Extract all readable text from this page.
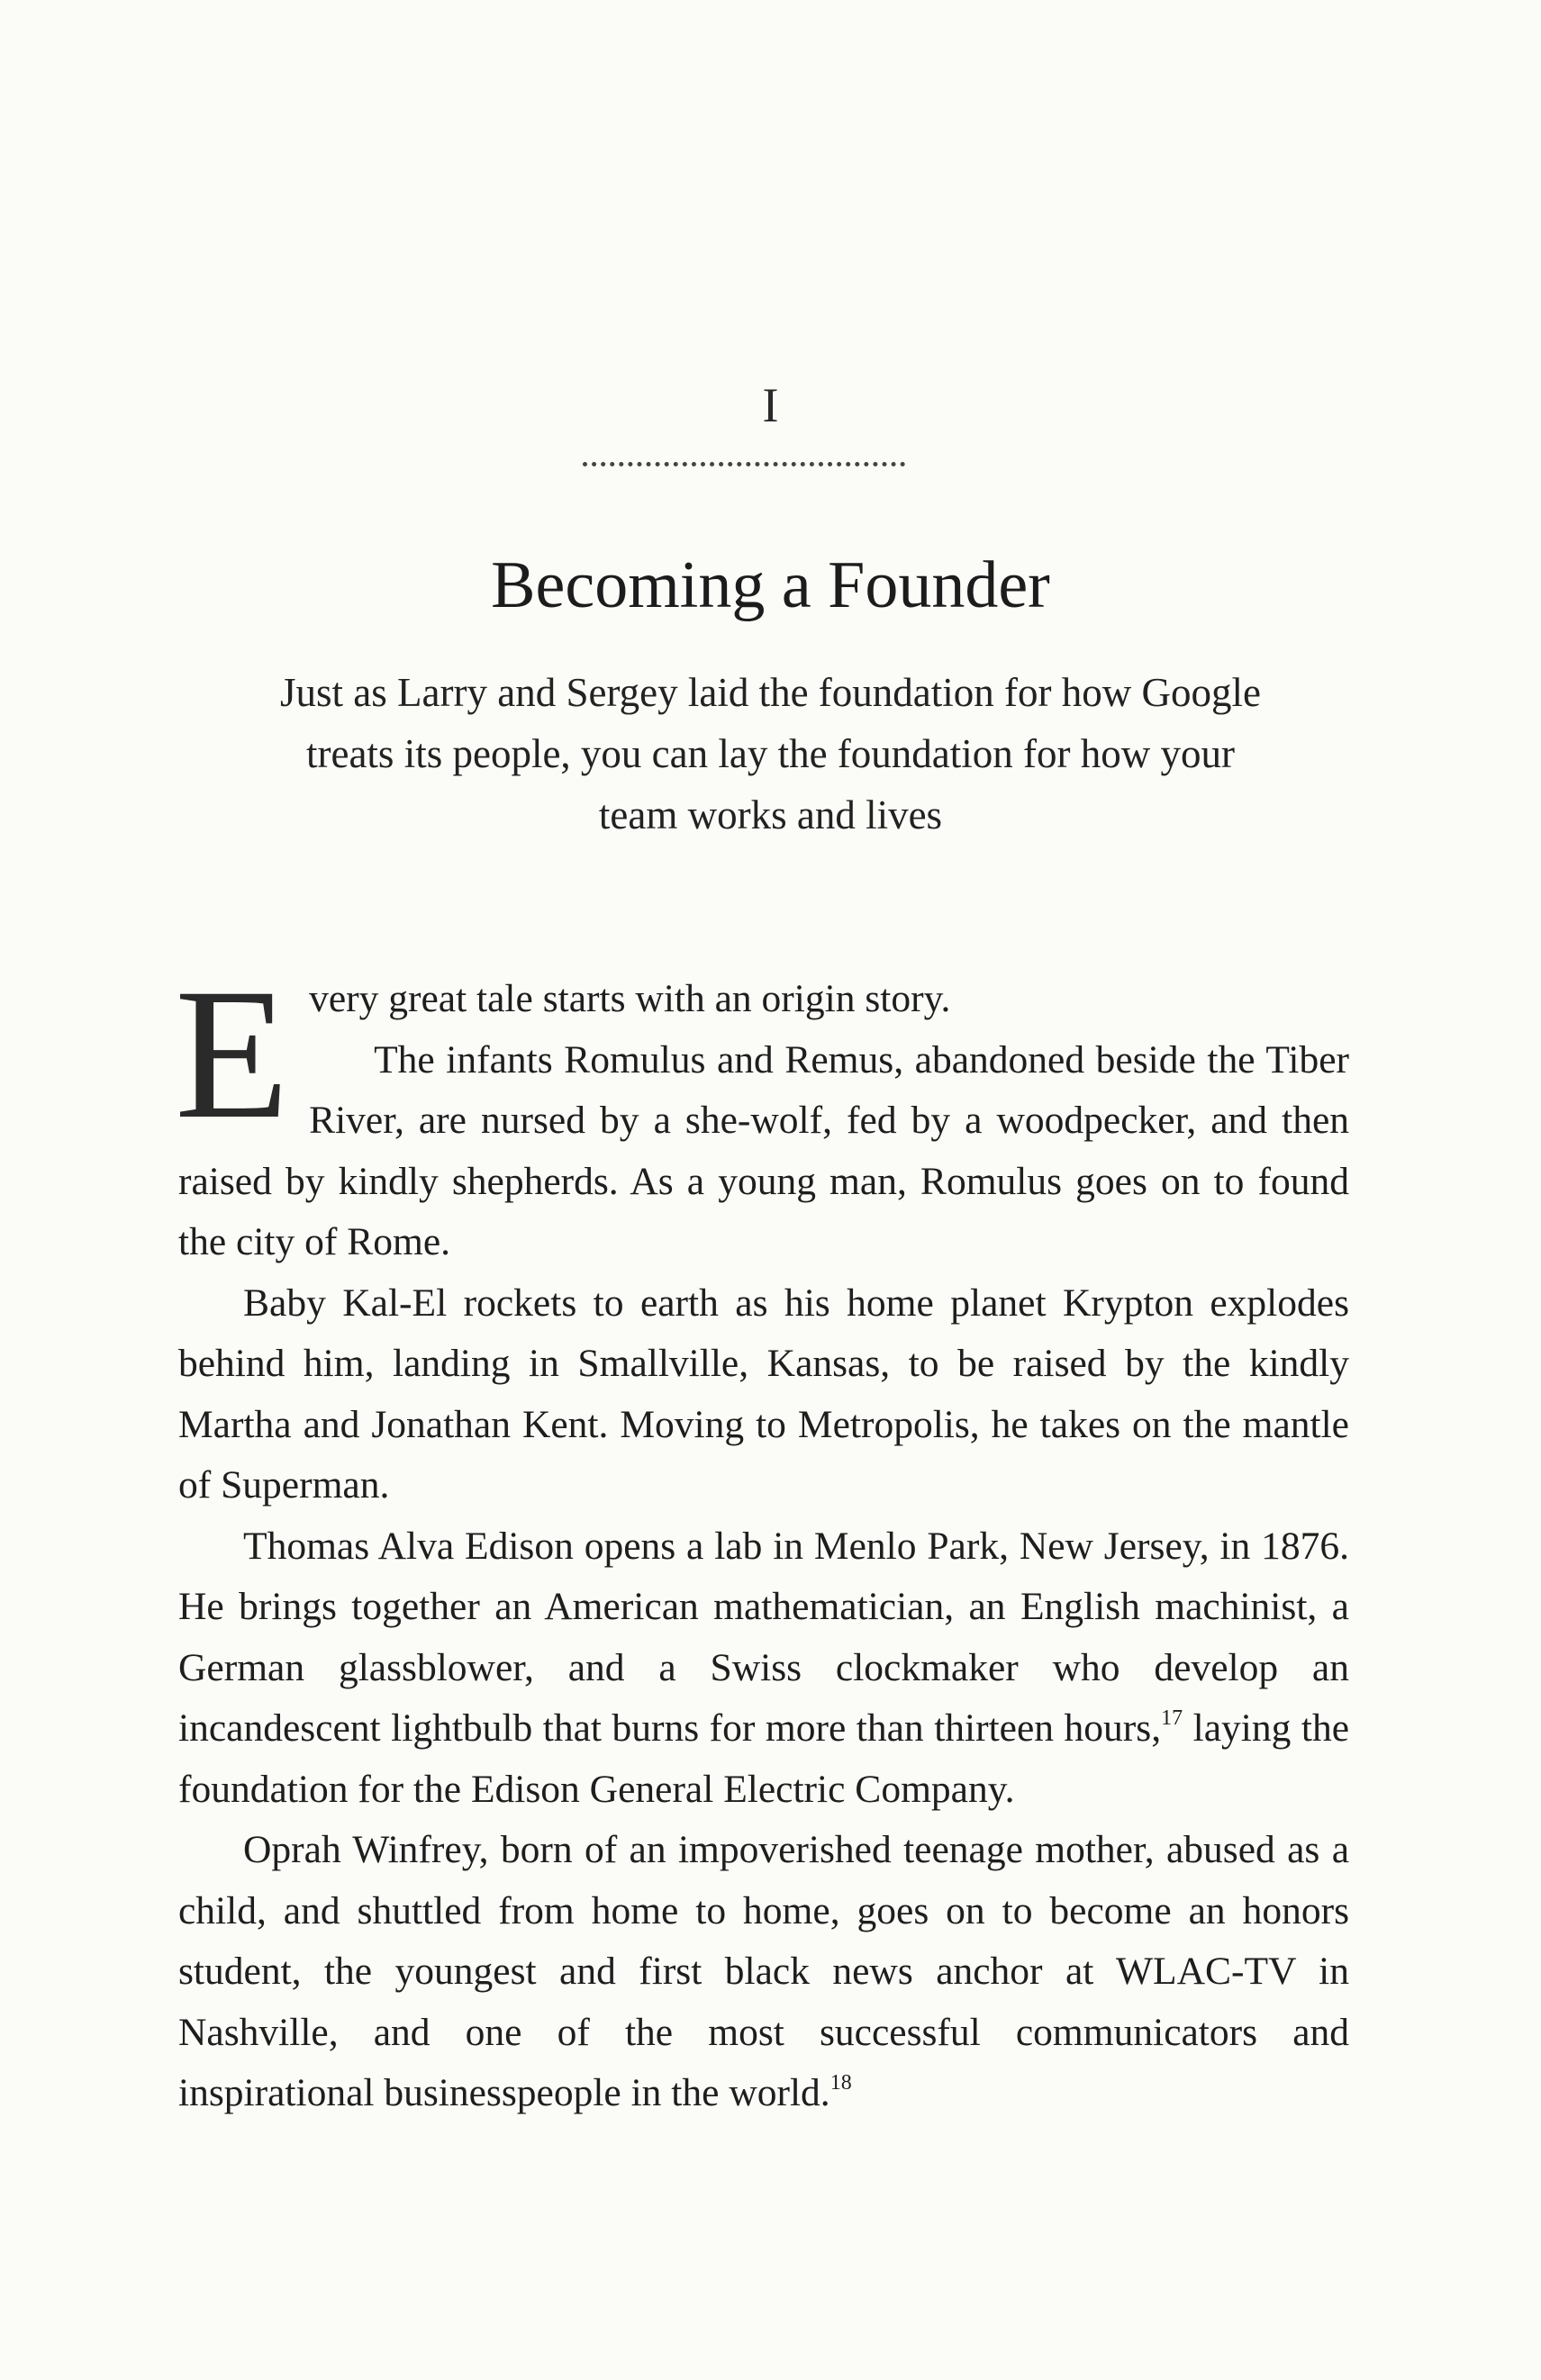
I
Becoming a Founder
Just as Larry and Sergey laid the foundation for how Google treats its people, you can lay the foundation for how your team works and lives

Every great tale starts with an origin story.
The infants Romulus and Remus, abandoned beside the Tiber River, are nursed by a she-wolf, fed by a woodpecker, and then raised by kindly shepherds. As a young man, Romulus goes on to found the city of Rome.

Baby Kal-El rockets to earth as his home planet Krypton explodes behind him, landing in Smallville, Kansas, to be raised by the kindly Martha and Jonathan Kent. Moving to Metropolis, he takes on the mantle of Superman.

Thomas Alva Edison opens a lab in Menlo Park, New Jersey, in 1876. He brings together an American mathematician, an English machinist, a German glassblower, and a Swiss clockmaker who develop an incandescent lightbulb that burns for more than thirteen hours,$^{17}$ laying the foundation for the Edison General Electric Company.

Oprah Winfrey, born of an impoverished teenage mother, abused as a child, and shuttled from home to home, goes on to become an honors student, the youngest and first black news anchor at WLAC-TV in Nashville, and one of the most successful communicators and inspirational businesspeople in the world.$^{18}$
